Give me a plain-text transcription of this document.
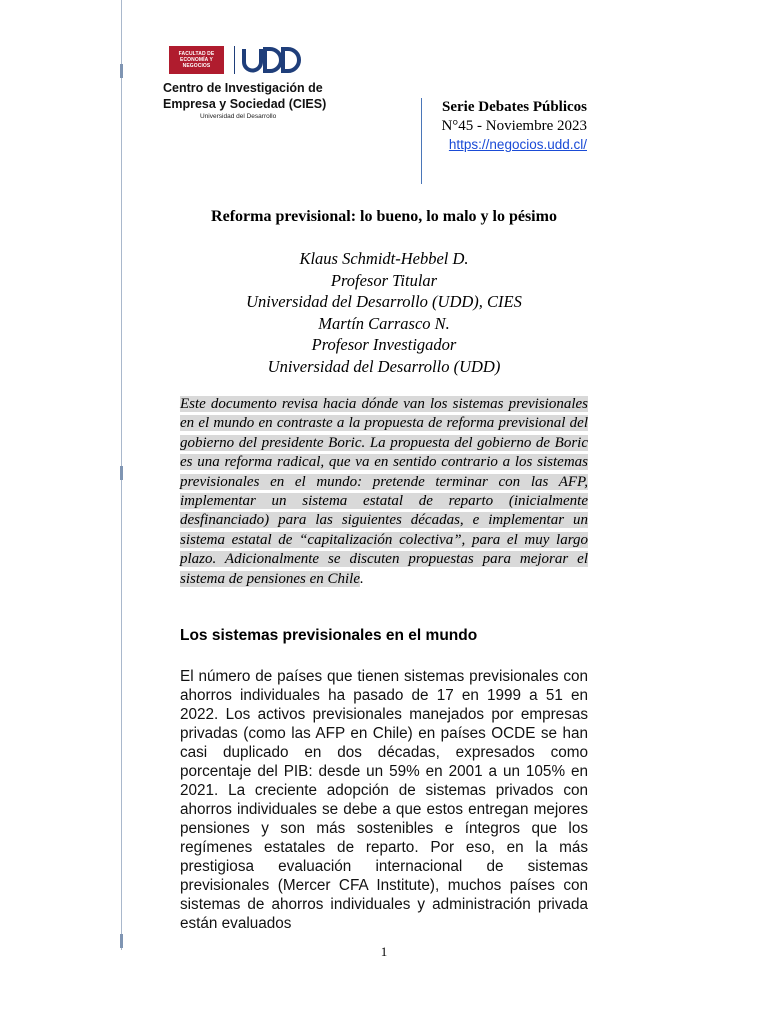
FACULTAD DE
ECONOMÍA Y
NEGOCIOS
Centro de Investigación de
Empresa y Sociedad (CIES)
Universidad del Desarrollo
Serie Debates Públicos
N°45 - Noviembre 2023
https://negocios.udd.cl/
Reforma previsional: lo bueno, lo malo y lo pésimo
Klaus Schmidt-Hebbel D.
Profesor Titular
Universidad del Desarrollo (UDD), CIES
Martín Carrasco N.
Profesor Investigador
Universidad del Desarrollo (UDD)
Este documento revisa hacia dónde van los sistemas previsionales en el mundo en contraste a la propuesta de reforma previsional del gobierno del presidente Boric. La propuesta del gobierno de Boric es una reforma radical, que va en sentido contrario a los sistemas previsionales en el mundo: pretende terminar con las AFP, implementar un sistema estatal de reparto (inicialmente desfinanciado) para las siguientes décadas, e implementar un sistema estatal de “capitalización colectiva”, para el muy largo plazo. Adicionalmente se discuten propuestas para mejorar el sistema de pensiones en Chile.
Los sistemas previsionales en el mundo
El número de países que tienen sistemas previsionales con ahorros individuales ha pasado de 17 en 1999 a 51 en 2022. Los activos previsionales manejados por empresas privadas (como las AFP en Chile) en países OCDE se han casi duplicado en dos décadas, expresados como porcentaje del PIB: desde un 59% en 2001 a un 105% en 2021. La creciente adopción de sistemas privados con ahorros individuales se debe a que estos entregan mejores pensiones y son más sostenibles e íntegros que los regímenes estatales de reparto. Por eso, en la más prestigiosa evaluación internacional de sistemas previsionales (Mercer CFA Institute), muchos países con sistemas de ahorros individuales y administración privada están evaluados
1
